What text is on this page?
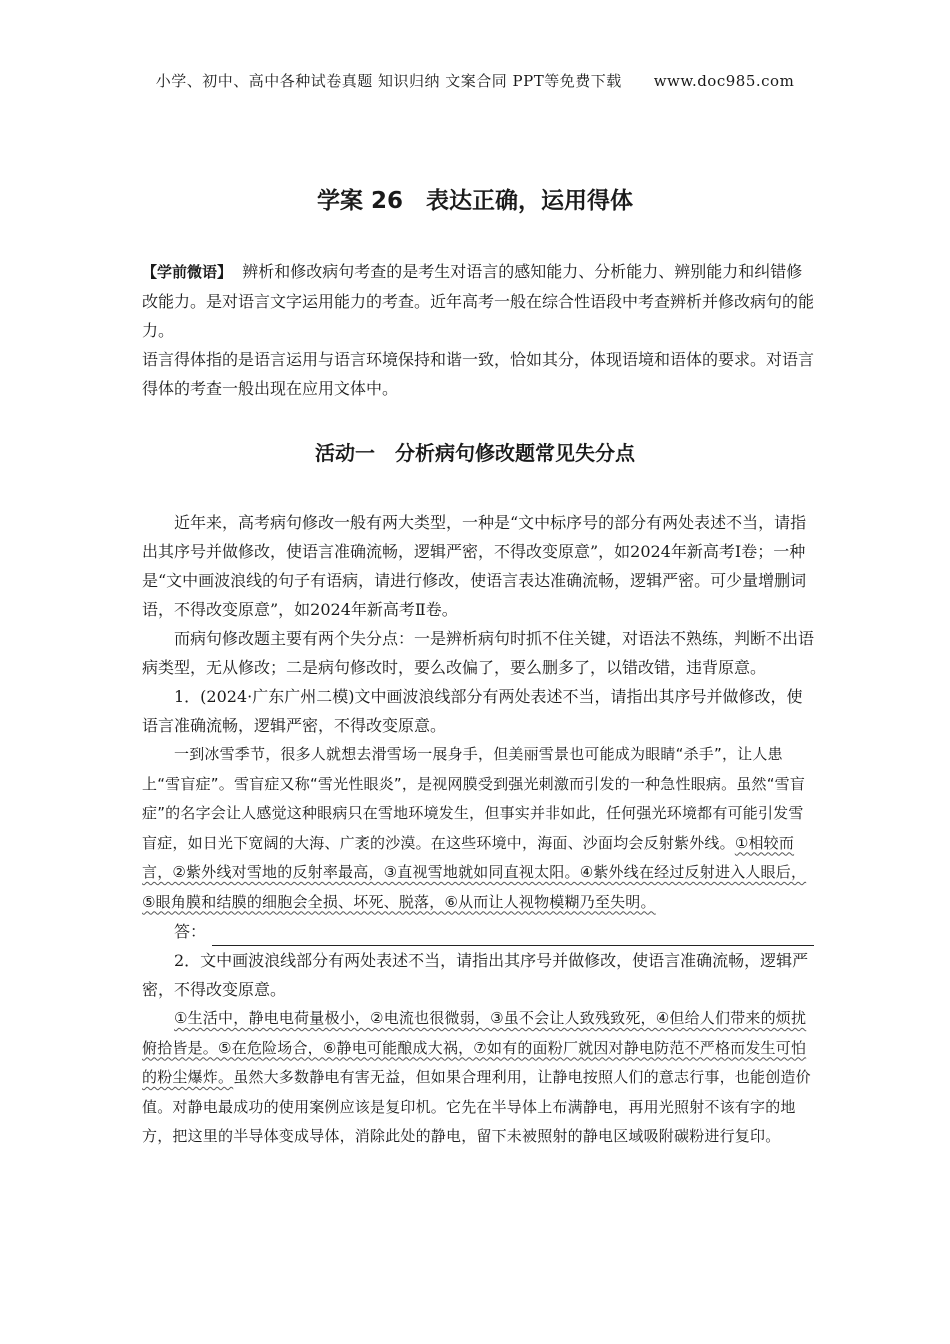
小学、初中、高中各种试卷真题 知识归纳 文案合同 PPT等免费下载 www.doc985.com
学案 26　表达正确，运用得体

【学前微语】 辨析和修改病句考查的是考生对语言的感知能力、分析能力、辨别能力和纠错修改能力。是对语言文字运用能力的考查。近年高考一般在综合性语段中考查辨析并修改病句的能力。

语言得体指的是语言运用与语言环境保持和谐一致，恰如其分，体现语境和语体的要求。对语言得体的考查一般出现在应用文体中。

活动一　分析病句修改题常见失分点

近年来，高考病句修改一般有两大类型，一种是“文中标序号的部分有两处表述不当，请指出其序号并做修改，使语言准确流畅，逻辑严密，不得改变原意”，如2024年新高考Ⅰ卷；一种是“文中画波浪线的句子有语病，请进行修改，使语言表达准确流畅，逻辑严密。可少量增删词语，不得改变原意”，如2024年新高考Ⅱ卷。

而病句修改题主要有两个失分点：一是辨析病句时抓不住关键，对语法不熟练，判断不出语病类型，无从修改；二是病句修改时，要么改偏了，要么删多了，以错改错，违背原意。

1．(2024·广东广州二模)文中画波浪线部分有两处表述不当，请指出其序号并做修改，使语言准确流畅，逻辑严密，不得改变原意。

一到冰雪季节，很多人就想去滑雪场一展身手，但美丽雪景也可能成为眼睛“杀手”，让人患上“雪盲症”。雪盲症又称“雪光性眼炎”，是视网膜受到强光刺激而引发的一种急性眼病。虽然“雪盲症”的名字会让人感觉这种眼病只在雪地环境发生，但事实并非如此，任何强光环境都有可能引发雪盲症，如日光下宽阔的大海、广袤的沙漠。在这些环境中，海面、沙面均会反射紫外线。①相较而言，②紫外线对雪地的反射率最高，③直视雪地就如同直视太阳。④紫外线在经过反射进入人眼后，⑤眼角膜和结膜的细胞会全损、坏死、脱落，⑥从而让人视物模糊乃至失明。

答：

2．文中画波浪线部分有两处表述不当，请指出其序号并做修改，使语言准确流畅，逻辑严密，不得改变原意。

①生活中，静电电荷量极小，②电流也很微弱，③虽不会让人致残致死，④但给人们带来的烦扰俯拾皆是。⑤在危险场合，⑥静电可能酿成大祸，⑦如有的面粉厂就因对静电防范不严格而发生可怕的粉尘爆炸。虽然大多数静电有害无益，但如果合理利用，让静电按照人们的意志行事，也能创造价值。对静电最成功的使用案例应该是复印机。它先在半导体上布满静电，再用光照射不该有字的地方，把这里的半导体变成导体，消除此处的静电，留下未被照射的静电区域吸附碳粉进行复印。
